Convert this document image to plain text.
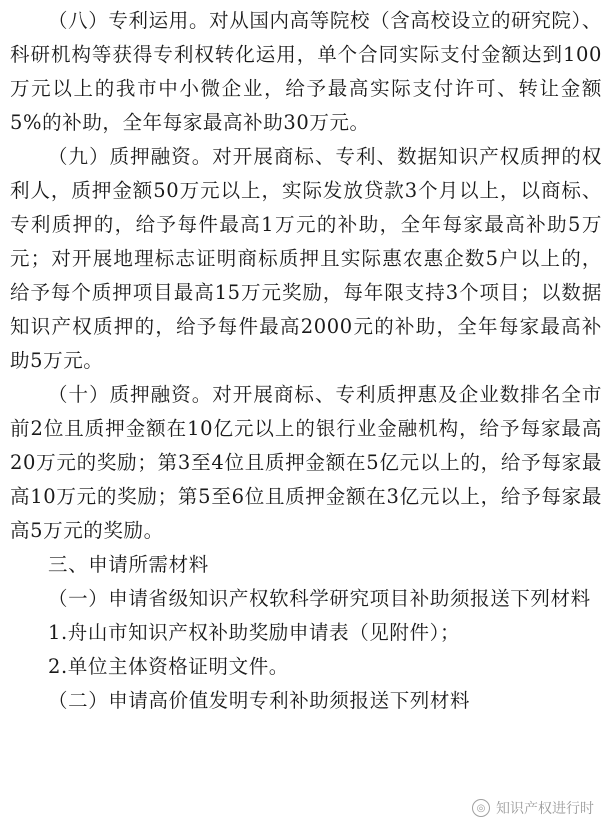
（八）专利运用。对从国内高等院校（含高校设立的研究院）、科研机构等获得专利权转化运用，单个合同实际支付金额达到100万元以上的我市中小微企业，给予最高实际支付许可、转让金额5%的补助，全年每家最高补助30万元。

（九）质押融资。对开展商标、专利、数据知识产权质押的权利人，质押金额50万元以上，实际发放贷款3个月以上，以商标、专利质押的，给予每件最高1万元的补助，全年每家最高补助5万元；对开展地理标志证明商标质押且实际惠农惠企数5户以上的，给予每个质押项目最高15万元奖励，每年限支持3个项目；以数据知识产权质押的，给予每件最高2000元的补助，全年每家最高补助5万元。

（十）质押融资。对开展商标、专利质押惠及企业数排名全市前2位且质押金额在10亿元以上的银行业金融机构，给予每家最高20万元的奖励；第3至4位且质押金额在5亿元以上的，给予每家最高10万元的奖励；第5至6位且质押金额在3亿元以上，给予每家最高5万元的奖励。

三、申请所需材料

（一）申请省级知识产权软科学研究项目补助须报送下列材料

1.舟山市知识产权补助奖励申请表（见附件）；

2.单位主体资格证明文件。

（二）申请高价值发明专利补助须报送下列材料

◎ 知识产权进行时
